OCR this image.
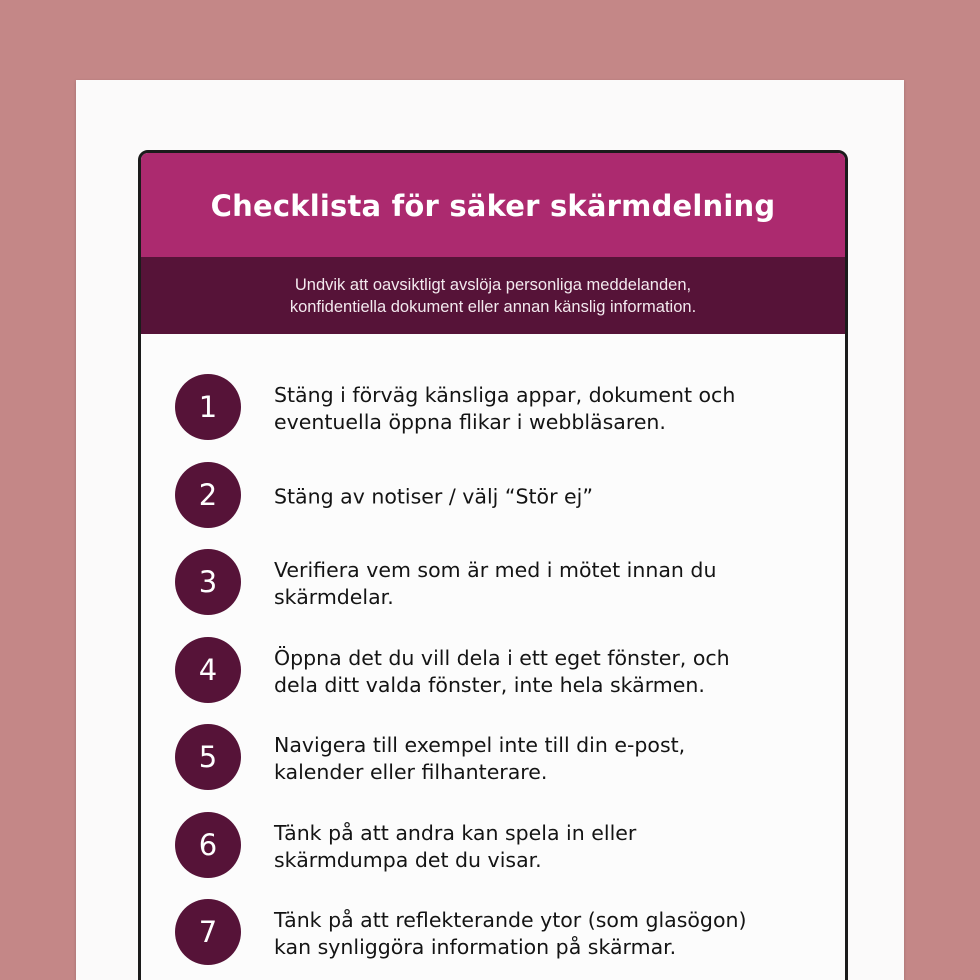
Checklista för säker skärmdelning
Undvik att oavsiktligt avslöja personliga meddelanden,
konfidentiella dokument eller annan känslig information.
1	Stäng i förväg känsliga appar, dokument och
eventuella öppna flikar i webbläsaren.
2	Stäng av notiser / välj “Stör ej”
3	Verifiera vem som är med i mötet innan du
skärmdelar.
4	Öppna det du vill dela i ett eget fönster, och
dela ditt valda fönster, inte hela skärmen.
5	Navigera till exempel inte till din e-post,
kalender eller filhanterare.
6	Tänk på att andra kan spela in eller
skärmdumpa det du visar.
7	Tänk på att reflekterande ytor (som glasögon)
kan synliggöra information på skärmar.
